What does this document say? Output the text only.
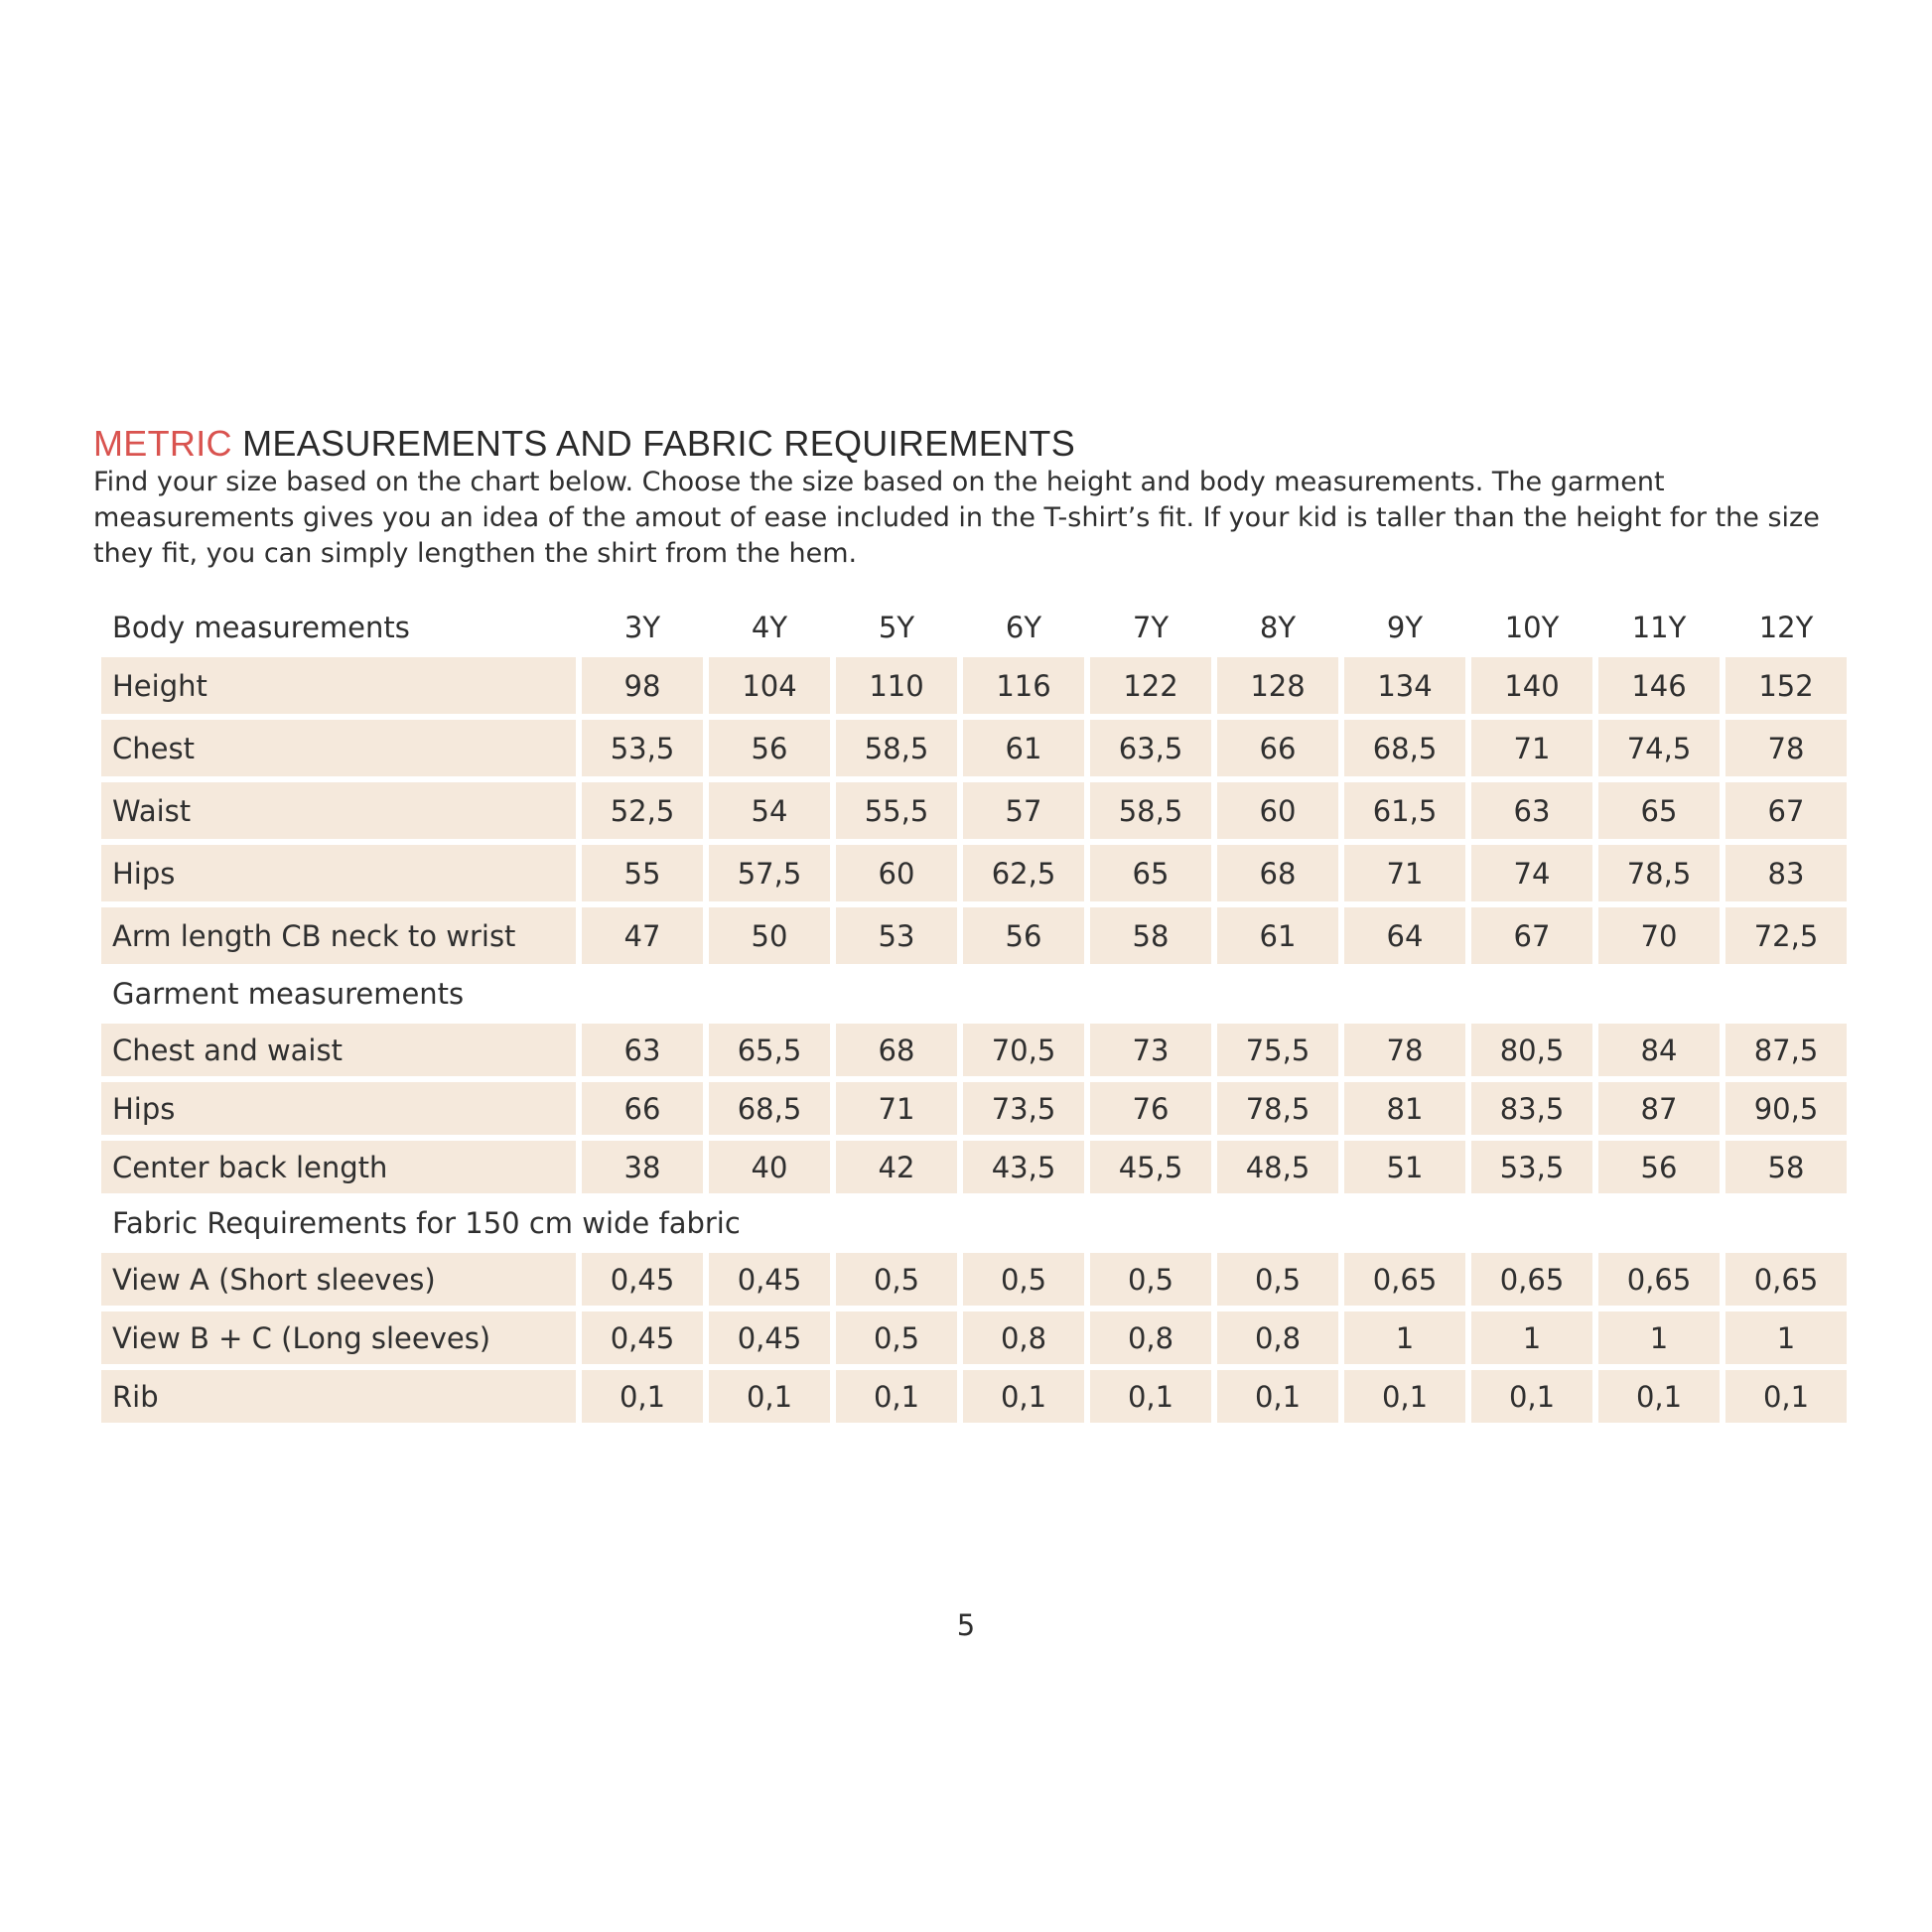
METRIC MEASUREMENTS AND FABRIC REQUIREMENTS

Find your size based on the chart below. Choose the size based on the height and body measurements. The garment measurements gives you an idea of the amout of ease included in the T-shirt’s fit. If your kid is taller than the height for the size they fit, you can simply lengthen the shirt from the hem.

Body measurements	3Y	4Y	5Y	6Y	7Y	8Y	9Y	10Y	11Y	12Y
Height	98	104	110	116	122	128	134	140	146	152
Chest	53,5	56	58,5	61	63,5	66	68,5	71	74,5	78
Waist	52,5	54	55,5	57	58,5	60	61,5	63	65	67
Hips	55	57,5	60	62,5	65	68	71	74	78,5	83
Arm length CB neck to wrist	47	50	53	56	58	61	64	67	70	72,5
Garment measurements										
Chest and waist	63	65,5	68	70,5	73	75,5	78	80,5	84	87,5
Hips	66	68,5	71	73,5	76	78,5	81	83,5	87	90,5
Center back length	38	40	42	43,5	45,5	48,5	51	53,5	56	58
Fabric Requirements for 150 cm wide fabric										
View A (Short sleeves)	0,45	0,45	0,5	0,5	0,5	0,5	0,65	0,65	0,65	0,65
View B + C (Long sleeves)	0,45	0,45	0,5	0,8	0,8	0,8	1	1	1	1
Rib	0,1	0,1	0,1	0,1	0,1	0,1	0,1	0,1	0,1	0,1
5
